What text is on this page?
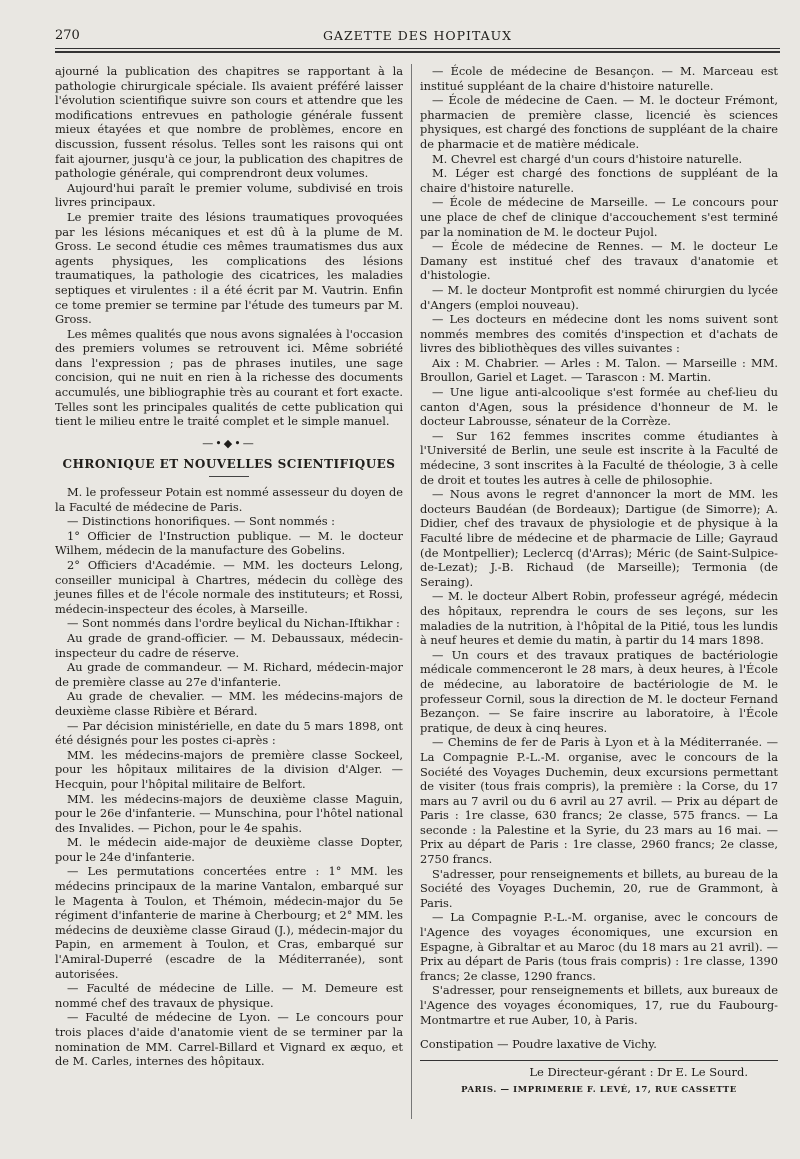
270	GAZETTE DES HOPITAUX

ajourné la publication des chapitres se rapportant à la pathologie chirurgicale spéciale. Ils avaient préféré laisser l'évolution scientifique suivre son cours et attendre que les modifications entrevues en pathologie générale fussent mieux étayées et que nombre de problèmes, encore en discussion, fussent résolus. Telles sont les raisons qui ont fait ajourner, jusqu'à ce jour, la publication des chapitres de pathologie générale, qui comprendront deux volumes.

Aujourd'hui paraît le premier volume, subdivisé en trois livres principaux.

Le premier traite des lésions traumatiques provoquées par les lésions mécaniques et est dû à la plume de M. Gross. Le second étudie ces mêmes traumatismes dus aux agents physiques, les complications des lésions traumatiques, la pathologie des cicatrices, les maladies septiques et virulentes : il a été écrit par M. Vautrin. Enfin ce tome premier se termine par l'étude des tumeurs par M. Gross.

Les mêmes qualités que nous avons signalées à l'occasion des premiers volumes se retrouvent ici. Même sobriété dans l'expression ; pas de phrases inutiles, une sage concision, qui ne nuit en rien à la richesse des documents accumulés, une bibliographie très au courant et fort exacte. Telles sont les principales qualités de cette publication qui tient le milieu entre le traité complet et le simple manuel.

—•◆•—
CHRONIQUE ET NOUVELLES SCIENTIFIQUES

M. le professeur Potain est nommé assesseur du doyen de la Faculté de médecine de Paris.

— Distinctions honorifiques. — Sont nommés :

1° Officier de l'Instruction publique. — M. le docteur Wilhem, médecin de la manufacture des Gobelins.

2° Officiers d'Académie. — MM. les docteurs Lelong, conseiller municipal à Chartres, médecin du collège des jeunes filles et de l'école normale des instituteurs; et Rossi, médecin-inspecteur des écoles, à Marseille.

— Sont nommés dans l'ordre beylical du Nichan-Iftikhar :

Au grade de grand-officier. — M. Debaussaux, médecin-inspecteur du cadre de réserve.

Au grade de commandeur. — M. Richard, médecin-major de première classe au 27e d'infanterie.

Au grade de chevalier. — MM. les médecins-majors de deuxième classe Ribière et Bérard.

— Par décision ministérielle, en date du 5 mars 1898, ont été désignés pour les postes ci-après :

MM. les médecins-majors de première classe Sockeel, pour les hôpitaux militaires de la division d'Alger. — Hecquin, pour l'hôpital militaire de Belfort.

MM. les médecins-majors de deuxième classe Maguin, pour le 26e d'infanterie. — Munschina, pour l'hôtel national des Invalides. — Pichon, pour le 4e spahis.

M. le médecin aide-major de deuxième classe Dopter, pour le 24e d'infanterie.

— Les permutations concertées entre : 1° MM. les médecins principaux de la marine Vantalon, embarqué sur le Magenta à Toulon, et Thémoin, médecin-major du 5e régiment d'infanterie de marine à Cherbourg; et 2° MM. les médecins de deuxième classe Giraud (J.), médecin-major du Papin, en armement à Toulon, et Cras, embarqué sur l'Amiral-Duperré (escadre de la Méditerranée), sont autorisées.

— Faculté de médecine de Lille. — M. Demeure est nommé chef des travaux de physique.

— Faculté de médecine de Lyon. — Le concours pour trois places d'aide d'anatomie vient de se terminer par la nomination de MM. Carrel-Billard et Vignard ex æquo, et de M. Carles, internes des hôpitaux.

— École de médecine de Besançon. — M. Marceau est institué suppléant de la chaire d'histoire naturelle.

— École de médecine de Caen. — M. le docteur Frémont, pharmacien de première classe, licencié ès sciences physiques, est chargé des fonctions de suppléant de la chaire de pharmacie et de matière médicale.

M. Chevrel est chargé d'un cours d'histoire naturelle.

M. Léger est chargé des fonctions de suppléant de la chaire d'histoire naturelle.

— École de médecine de Marseille. — Le concours pour une place de chef de clinique d'accouchement s'est terminé par la nomination de M. le docteur Pujol.

— École de médecine de Rennes. — M. le docteur Le Damany est institué chef des travaux d'anatomie et d'histologie.

— M. le docteur Montprofit est nommé chirurgien du lycée d'Angers (emploi nouveau).

— Les docteurs en médecine dont les noms suivent sont nommés membres des comités d'inspection et d'achats de livres des bibliothèques des villes suivantes :

Aix : M. Chabrier. — Arles : M. Talon. — Marseille : MM. Broullon, Gariel et Laget. — Tarascon : M. Martin.

— Une ligue anti-alcoolique s'est formée au chef-lieu du canton d'Agen, sous la présidence d'honneur de M. le docteur Labrousse, sénateur de la Corrèze.

— Sur 162 femmes inscrites comme étudiantes à l'Université de Berlin, une seule est inscrite à la Faculté de médecine, 3 sont inscrites à la Faculté de théologie, 3 à celle de droit et toutes les autres à celle de philosophie.

— Nous avons le regret d'annoncer la mort de MM. les docteurs Baudéan (de Bordeaux); Dartigue (de Simorre); A. Didier, chef des travaux de physiologie et de physique à la Faculté libre de médecine et de pharmacie de Lille; Gayraud (de Montpellier); Leclercq (d'Arras); Méric (de Saint-Sulpice-de-Lezat); J.-B. Richaud (de Marseille); Termonia (de Seraing).

— M. le docteur Albert Robin, professeur agrégé, médecin des hôpitaux, reprendra le cours de ses leçons, sur les maladies de la nutrition, à l'hôpital de la Pitié, tous les lundis à neuf heures et demie du matin, à partir du 14 mars 1898.

— Un cours et des travaux pratiques de bactériologie médicale commenceront le 28 mars, à deux heures, à l'École de médecine, au laboratoire de bactériologie de M. le professeur Cornil, sous la direction de M. le docteur Fernand Bezançon. — Se faire inscrire au laboratoire, à l'École pratique, de deux à cinq heures.

— Chemins de fer de Paris à Lyon et à la Méditerranée. — La Compagnie P.-L.-M. organise, avec le concours de la Société des Voyages Duchemin, deux excursions permettant de visiter (tous frais compris), la première : la Corse, du 17 mars au 7 avril ou du 6 avril au 27 avril. — Prix au départ de Paris : 1re classe, 630 francs; 2e classe, 575 francs. — La seconde : la Palestine et la Syrie, du 23 mars au 16 mai. — Prix au départ de Paris : 1re classe, 2960 francs; 2e classe, 2750 francs.

S'adresser, pour renseignements et billets, au bureau de la Société des Voyages Duchemin, 20, rue de Grammont, à Paris.

— La Compagnie P.-L.-M. organise, avec le concours de l'Agence des voyages économiques, une excursion en Espagne, à Gibraltar et au Maroc (du 18 mars au 21 avril). — Prix au départ de Paris (tous frais compris) : 1re classe, 1390 francs; 2e classe, 1290 francs.

S'adresser, pour renseignements et billets, aux bureaux de l'Agence des voyages économiques, 17, rue du Faubourg-Montmartre et rue Auber, 10, à Paris.

Constipation — Poudre laxative de Vichy.

Le Directeur-gérant : Dr E. Le Sourd.
PARIS. — IMPRIMERIE F. LEVÉ, 17, RUE CASSETTE
